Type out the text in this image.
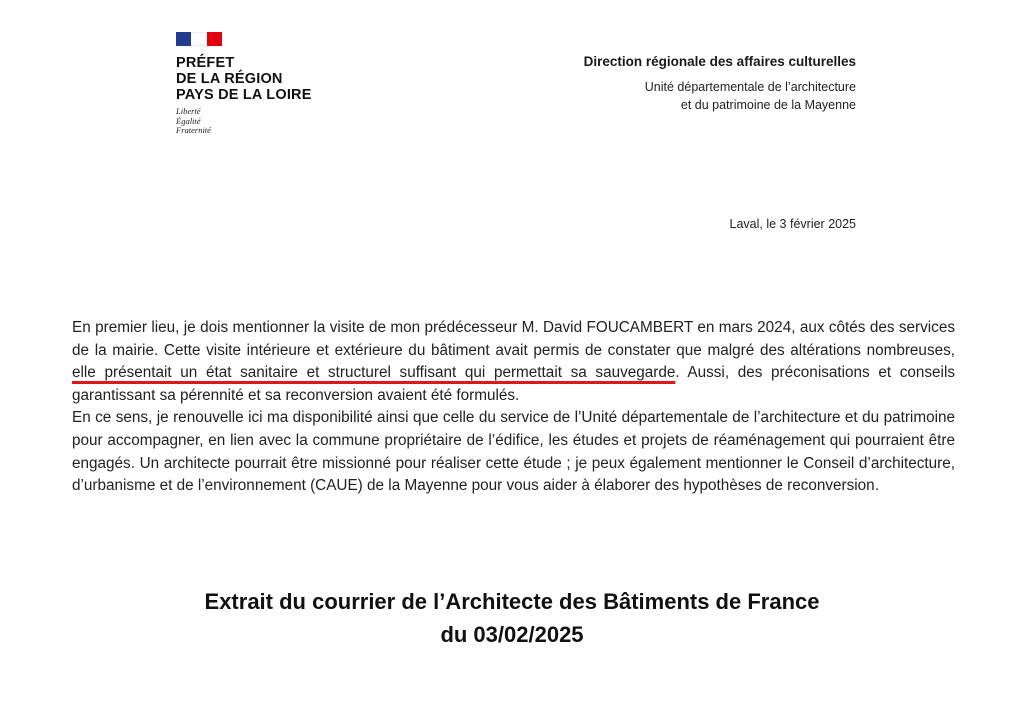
PRÉFET
DE LA RÉGION
PAYS DE LA LOIRE
Liberté
Égalité
Fraternité
Direction régionale des affaires culturelles
Unité départementale de l’architecture
et du patrimoine de la Mayenne
Laval, le 3 février 2025

En premier lieu, je dois mentionner la visite de mon prédécesseur M. David FOUCAMBERT en mars 2024, aux côtés des services de la mairie. Cette visite intérieure et extérieure du bâtiment avait permis de constater que malgré des altérations nombreuses, elle présentait un état sanitaire et structurel suffisant qui permettait sa sauvegarde. Aussi, des préconisations et conseils garantissant sa pérennité et sa reconversion avaient été formulés.

En ce sens, je renouvelle ici ma disponibilité ainsi que celle du service de l’Unité départementale de l’architecture et du patrimoine pour accompagner, en lien avec la commune propriétaire de l’édifice, les études et projets de réaménagement qui pourraient être engagés. Un architecte pourrait être missionné pour réaliser cette étude ; je peux également mentionner le Conseil d’architecture, d’urbanisme et de l’environnement (CAUE) de la Mayenne pour vous aider à élaborer des hypothèses de reconversion.

Extrait du courrier de l’Architecte des Bâtiments de France
du 03/02/2025
